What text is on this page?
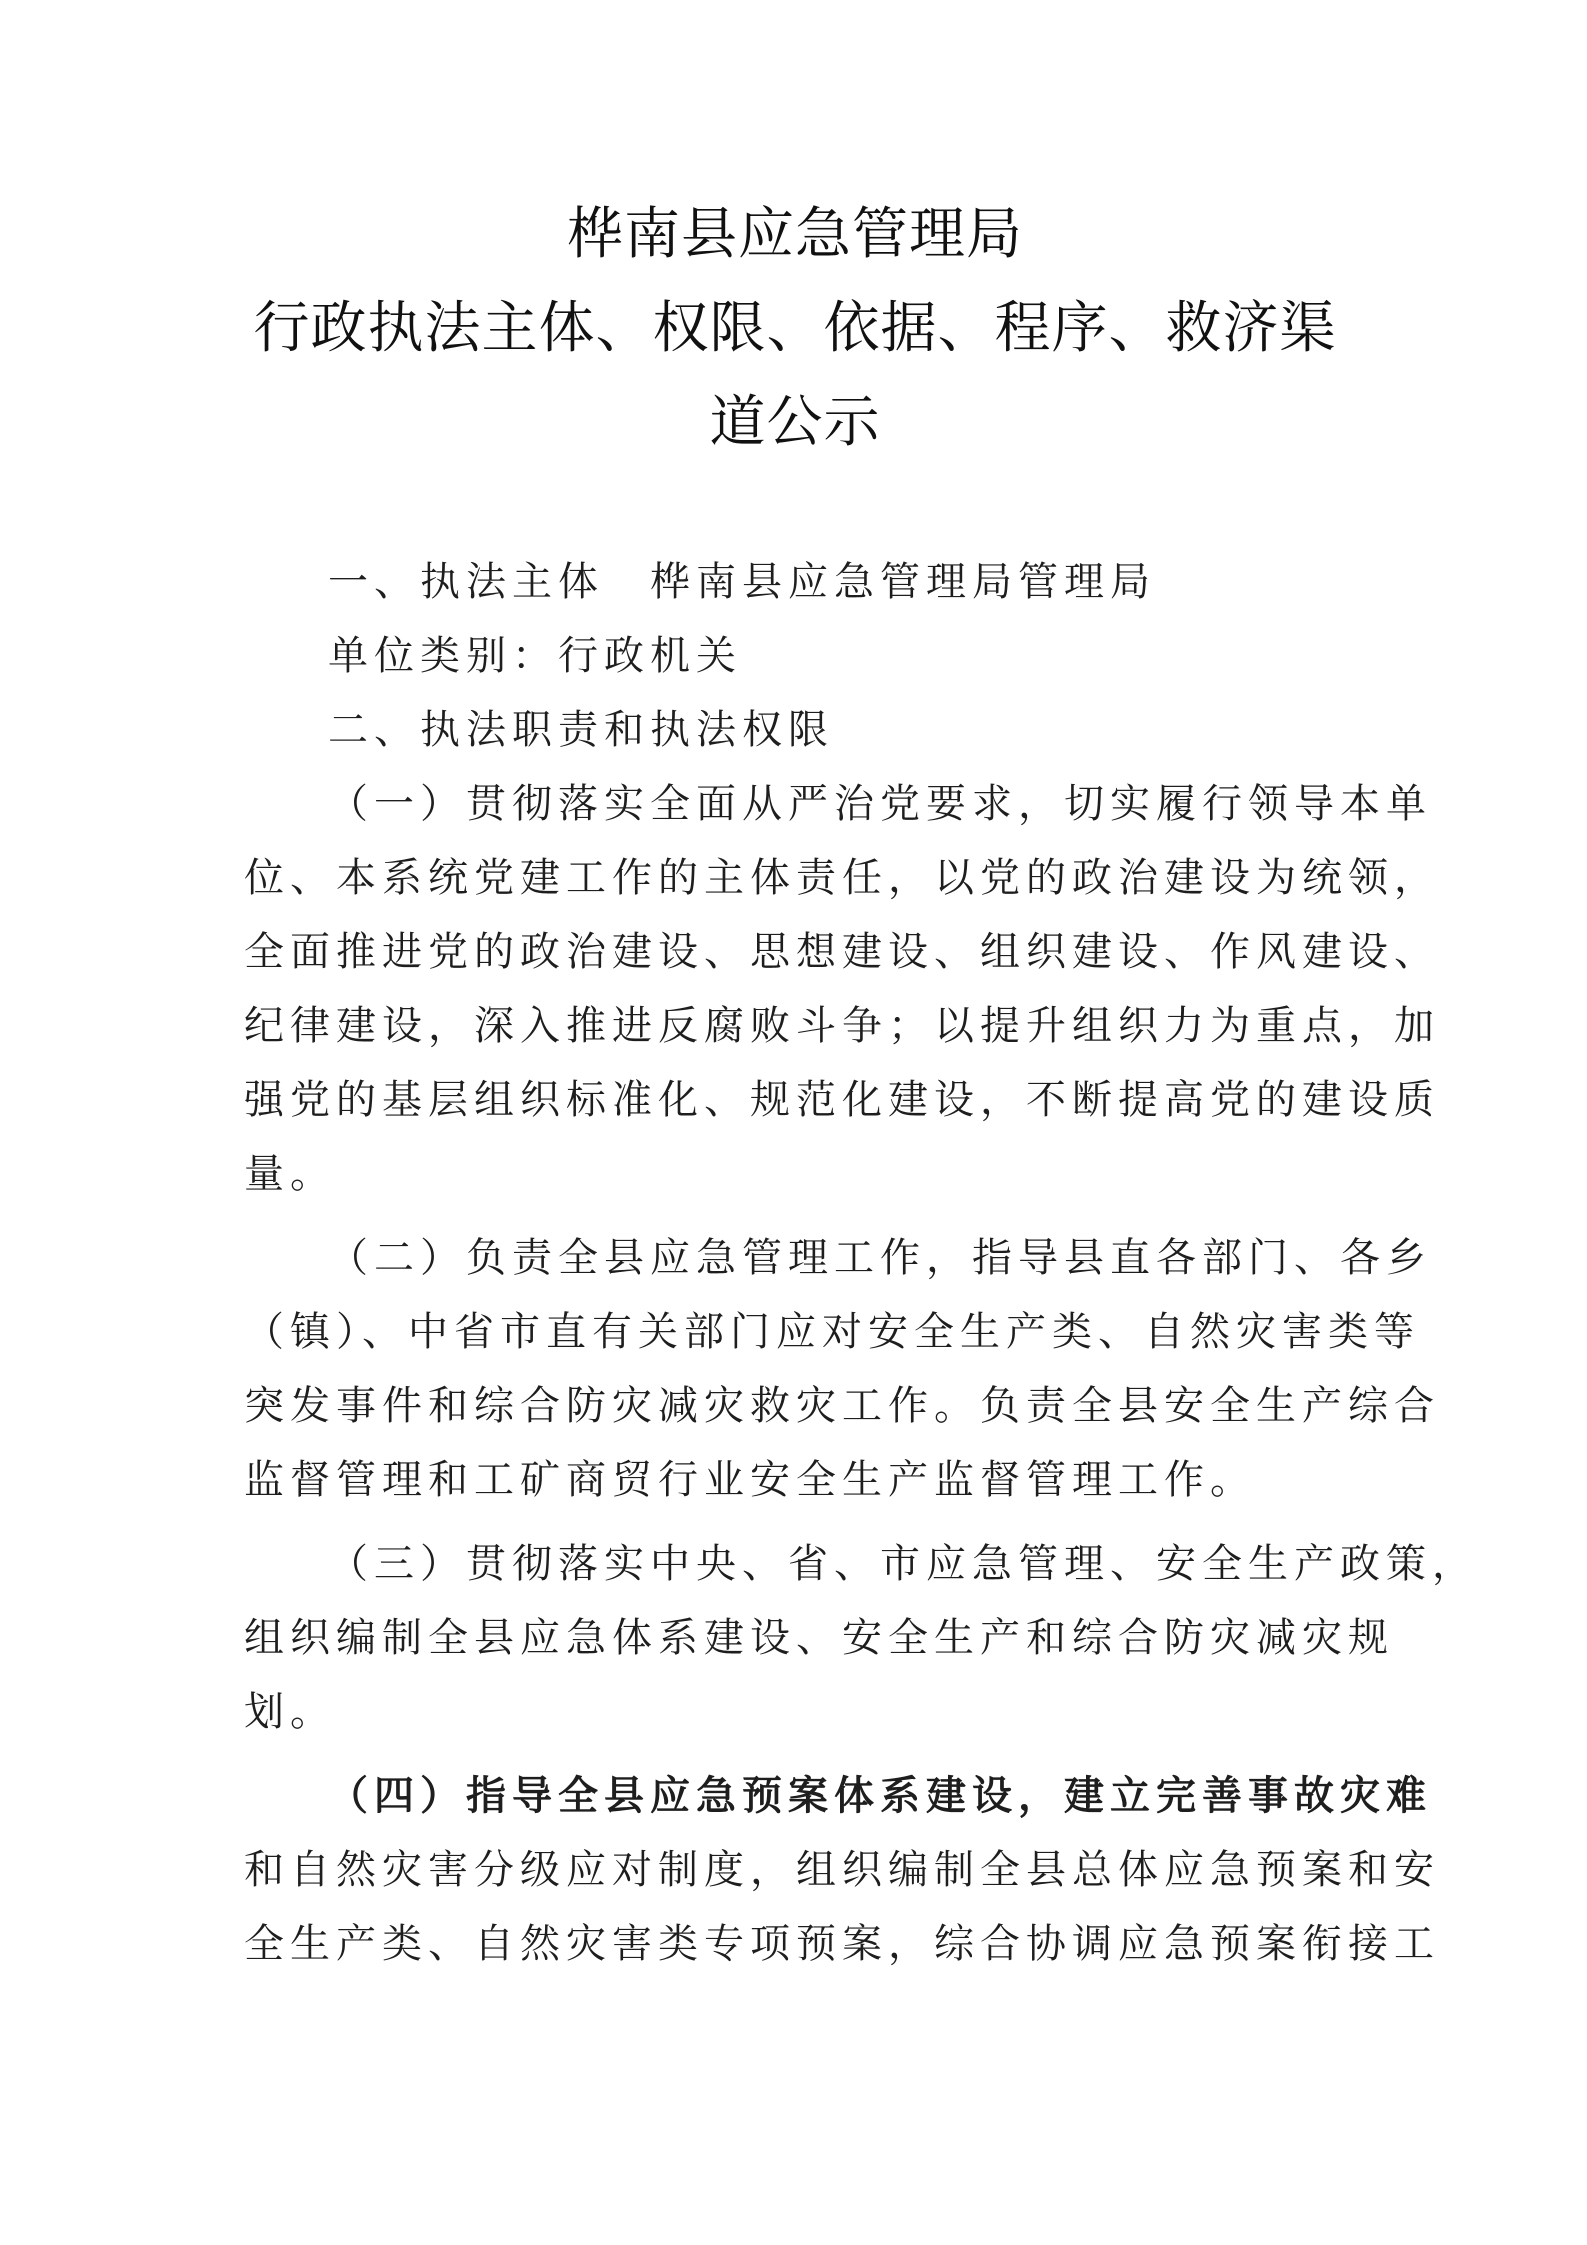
桦南县应急管理局
行政执法主体、权限、依据、程序、救济渠
道公示
一、执法主体　桦南县应急管理局管理局
单位类别：行政机关
二、执法职责和执法权限
（一）贯彻落实全面从严治党要求，切实履行领导本单
位、本系统党建工作的主体责任，以党的政治建设为统领，
全面推进党的政治建设、思想建设、组织建设、作风建设、
纪律建设，深入推进反腐败斗争；以提升组织力为重点，加
强党的基层组织标准化、规范化建设，不断提高党的建设质
量。
（二）负责全县应急管理工作，指导县直各部门、各乡
（镇）、中省市直有关部门应对安全生产类、自然灾害类等
突发事件和综合防灾减灾救灾工作。负责全县安全生产综合
监督管理和工矿商贸行业安全生产监督管理工作。
（三）贯彻落实中央、省、市应急管理、安全生产政策，
组织编制全县应急体系建设、安全生产和综合防灾减灾规
划。
（四）指导全县应急预案体系建设，建立完善事故灾难
和自然灾害分级应对制度，组织编制全县总体应急预案和安
全生产类、自然灾害类专项预案，综合协调应急预案衔接工
